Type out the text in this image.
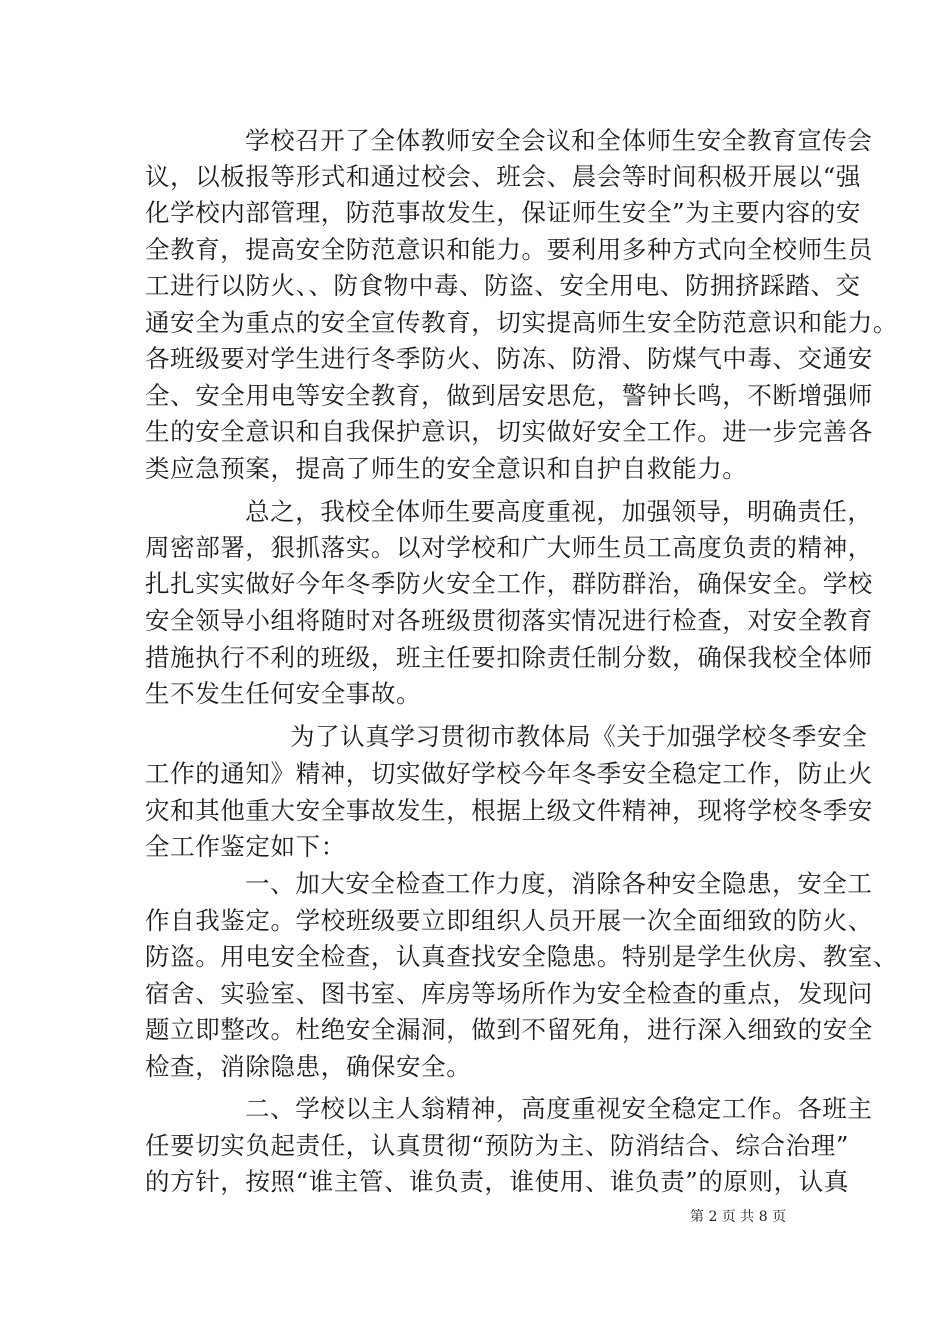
学校召开了全体教师安全会议和全体师生安全教育宣传会
议，以板报等形式和通过校会、班会、晨会等时间积极开展以“强
化学校内部管理，防范事故发生，保证师生安全”为主要内容的安
全教育，提高安全防范意识和能力。要利用多种方式向全校师生员
工进行以防火、、防食物中毒、防盗、安全用电、防拥挤踩踏、交
通安全为重点的安全宣传教育，切实提高师生安全防范意识和能力。
各班级要对学生进行冬季防火、防冻、防滑、防煤气中毒、交通安
全、安全用电等安全教育，做到居安思危，警钟长鸣，不断增强师
生的安全意识和自我保护意识，切实做好安全工作。进一步完善各
类应急预案，提高了师生的安全意识和自护自救能力。
总之，我校全体师生要高度重视，加强领导，明确责任，
周密部署，狠抓落实。以对学校和广大师生员工高度负责的精神，
扎扎实实做好今年冬季防火安全工作，群防群治，确保安全。学校
安全领导小组将随时对各班级贯彻落实情况进行检查，对安全教育
措施执行不利的班级，班主任要扣除责任制分数，确保我校全体师
生不发生任何安全事故。
为了认真学习贯彻市教体局《关于加强学校冬季安全
工作的通知》精神，切实做好学校今年冬季安全稳定工作，防止火
灾和其他重大安全事故发生，根据上级文件精神，现将学校冬季安
全工作鉴定如下：
一、加大安全检查工作力度，消除各种安全隐患，安全工
作自我鉴定。学校班级要立即组织人员开展一次全面细致的防火、
防盗。用电安全检查，认真查找安全隐患。特别是学生伙房、教室、
宿舍、实验室、图书室、库房等场所作为安全检查的重点，发现问
题立即整改。杜绝安全漏洞，做到不留死角，进行深入细致的安全
检查，消除隐患，确保安全。
二、学校以主人翁精神，高度重视安全稳定工作。各班主
任要切实负起责任，认真贯彻“预防为主、防消结合、综合治理”
的方针，按照“谁主管、谁负责，谁使用、谁负责”的原则，认真
第 2 页 共 8 页
